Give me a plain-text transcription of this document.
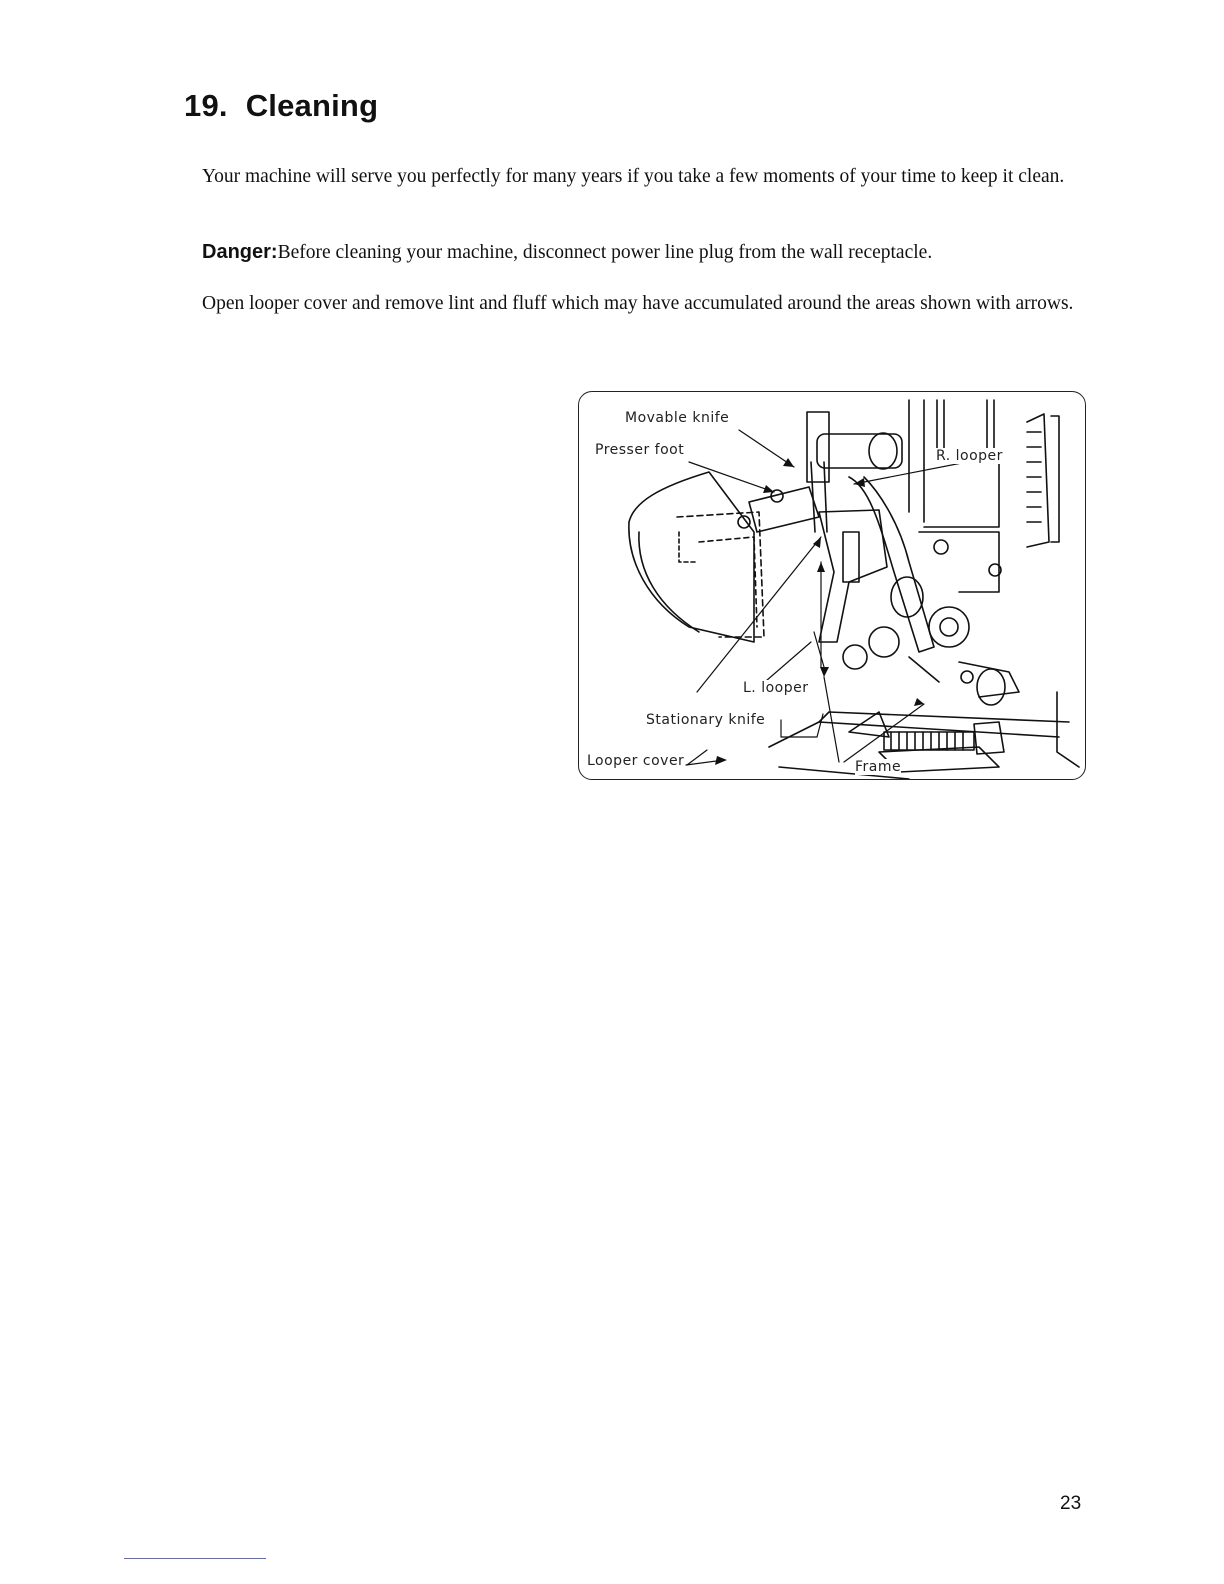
19. Cleaning

Your machine will serve you perfectly for many years if you take a few moments of your time to keep it clean.

Danger:Before cleaning your machine, disconnect power line plug from the wall receptacle.

Open looper cover and remove lint and fluff which may have accumulated around the areas shown with arrows.

Movable knife
Presser foot	R. looper
L. looper
Stationary knife
Looper cover	Frame
23
